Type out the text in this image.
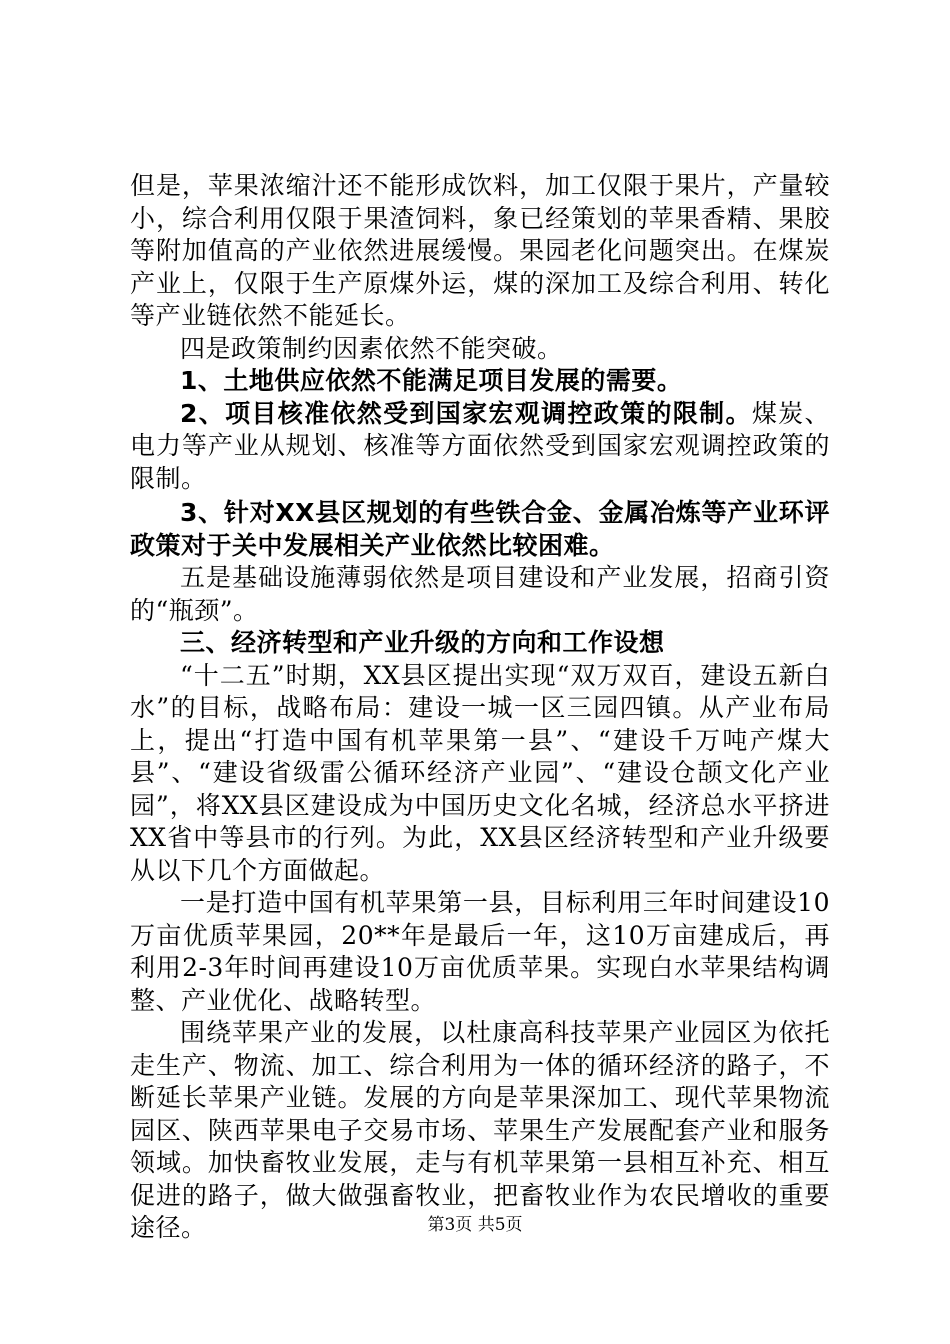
但是，苹果浓缩汁还不能形成饮料，加工仅限于果片，产量较小，综合利用仅限于果渣饲料，象已经策划的苹果香精、果胶等附加值高的产业依然进展缓慢。果园老化问题突出。在煤炭产业上，仅限于生产原煤外运，煤的深加工及综合利用、转化等产业链依然不能延长。

四是政策制约因素依然不能突破。

1、土地供应依然不能满足项目发展的需要。

2、项目核准依然受到国家宏观调控政策的限制。煤炭、电力等产业从规划、核准等方面依然受到国家宏观调控政策的限制。

3、针对XX县区规划的有些铁合金、金属冶炼等产业环评政策对于关中发展相关产业依然比较困难。

五是基础设施薄弱依然是项目建设和产业发展，招商引资的“瓶颈”。

三、经济转型和产业升级的方向和工作设想

“十二五”时期，XX县区提出实现“双万双百，建设五新白水”的目标，战略布局：建设一城一区三园四镇。从产业布局上，提出“打造中国有机苹果第一县”、“建设千万吨产煤大县”、“建设省级雷公循环经济产业园”、“建设仓颉文化产业园”，将XX县区建设成为中国历史文化名城，经济总水平挤进XX省中等县市的行列。为此，XX县区经济转型和产业升级要从以下几个方面做起。

一是打造中国有机苹果第一县，目标利用三年时间建设10万亩优质苹果园，20**年是最后一年，这10万亩建成后，再利用2-3年时间再建设10万亩优质苹果。实现白水苹果结构调整、产业优化、战略转型。

围绕苹果产业的发展，以杜康高科技苹果产业园区为依托走生产、物流、加工、综合利用为一体的循环经济的路子，不断延长苹果产业链。发展的方向是苹果深加工、现代苹果物流园区、陕西苹果电子交易市场、苹果生产发展配套产业和服务领域。加快畜牧业发展，走与有机苹果第一县相互补充、相互促进的路子，做大做强畜牧业，把畜牧业作为农民增收的重要途径。	第3页 共5页
